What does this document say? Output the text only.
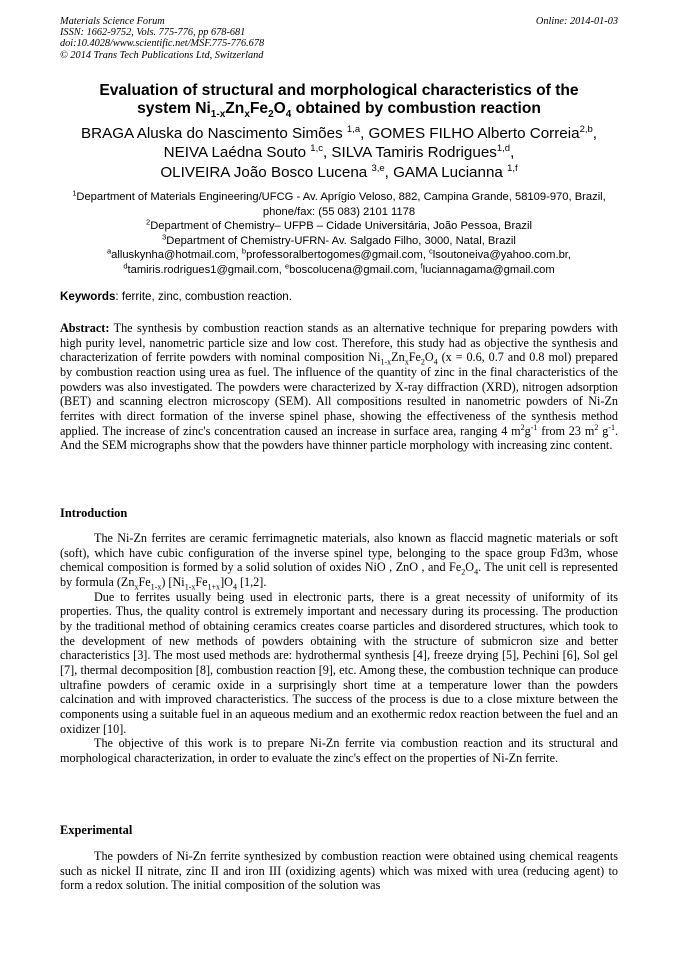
Materials Science Forum
ISSN: 1662-9752, Vols. 775-776, pp 678-681
doi:10.4028/www.scientific.net/MSF.775-776.678
© 2014 Trans Tech Publications Ltd, Switzerland
Online: 2014-01-03
Evaluation of structural and morphological characteristics of the
system $Ni_{1-x}Zn_xFe_2O_4$ obtained by combustion reaction
BRAGA Aluska do Nascimento Simões $^{1,a}$, GOMES FILHO Alberto Correia$^{2,b}$,
NEIVA Laédna Souto $^{1,c}$, SILVA Tamiris Rodrigues$^{1,d}$,
OLIVEIRA João Bosco Lucena $^{3,e}$, GAMA Lucianna $^{1,f}$
$^1$Department of Materials Engineering/UFCG - Av. Aprígio Veloso, 882, Campina Grande, 58109-970, Brazil, phone/fax: (55 083) 2101 1178
$^2$Department of Chemistry– UFPB – Cidade Universitária, João Pessoa, Brazil
$^3$Department of Chemistry-UFRN- Av. Salgado Filho, 3000, Natal, Brazil
$^a$alluskynha@hotmail.com, $^b$professoralbertogomes@gmail.com, $^c$lsoutoneiva@yahoo.com.br,
$^d$tamiris.rodrigues1@gmail.com, $^e$boscolucena@gmail.com, $^f$luciannagama@gmail.com
Keywords: ferrite, zinc, combustion reaction.

Abstract: The synthesis by combustion reaction stands as an alternative technique for preparing powders with high purity level, nanometric particle size and low cost. Therefore, this study had as objective the synthesis and characterization of ferrite powders with nominal composition $Ni_{1-x}Zn_xFe_2O_4$ (x = 0.6, 0.7 and 0.8 mol) prepared by combustion reaction using urea as fuel. The influence of the quantity of zinc in the final characteristics of the powders was also investigated. The powders were characterized by X-ray diffraction (XRD), nitrogen adsorption (BET) and scanning electron microscopy (SEM). All compositions resulted in nanometric powders of Ni-Zn ferrites with direct formation of the inverse spinel phase, showing the effectiveness of the synthesis method applied. The increase of zinc's concentration caused an increase in surface area, ranging 4 $m^2g^{-1}$ from 23 $m^2$ $g^{-1}$. And the SEM micrographs show that the powders have thinner particle morphology with increasing zinc content.

Introduction

The Ni-Zn ferrites are ceramic ferrimagnetic materials, also known as flaccid magnetic materials or soft (soft), which have cubic configuration of the inverse spinel type, belonging to the space group Fd3m, whose chemical composition is formed by a solid solution of oxides NiO , ZnO , and $Fe_2O_4$. The unit cell is represented by formula $(Zn_xFe_{1-x})$ $[Ni_{1-x}Fe_{1+x}]O_4$ [1,2].

Due to ferrites usually being used in electronic parts, there is a great necessity of uniformity of its properties. Thus, the quality control is extremely important and necessary during its processing. The production by the traditional method of obtaining ceramics creates coarse particles and disordered structures, which took to the development of new methods of powders obtaining with the structure of submicron size and better characteristics [3]. The most used methods are: hydrothermal synthesis [4], freeze drying [5], Pechini [6], Sol gel [7], thermal decomposition [8], combustion reaction [9], etc. Among these, the combustion technique can produce ultrafine powders of ceramic oxide in a surprisingly short time at a temperature lower than the powders calcination and with improved characteristics. The success of the process is due to a close mixture between the components using a suitable fuel in an aqueous medium and an exothermic redox reaction between the fuel and an oxidizer [10].

The objective of this work is to prepare Ni-Zn ferrite via combustion reaction and its structural and morphological characterization, in order to evaluate the zinc's effect on the properties of Ni-Zn ferrite.

Experimental

The powders of Ni-Zn ferrite synthesized by combustion reaction were obtained using chemical reagents such as nickel II nitrate, zinc II and iron III (oxidizing agents) which was mixed with urea (reducing agent) to form a redox solution. The initial composition of the solution was
